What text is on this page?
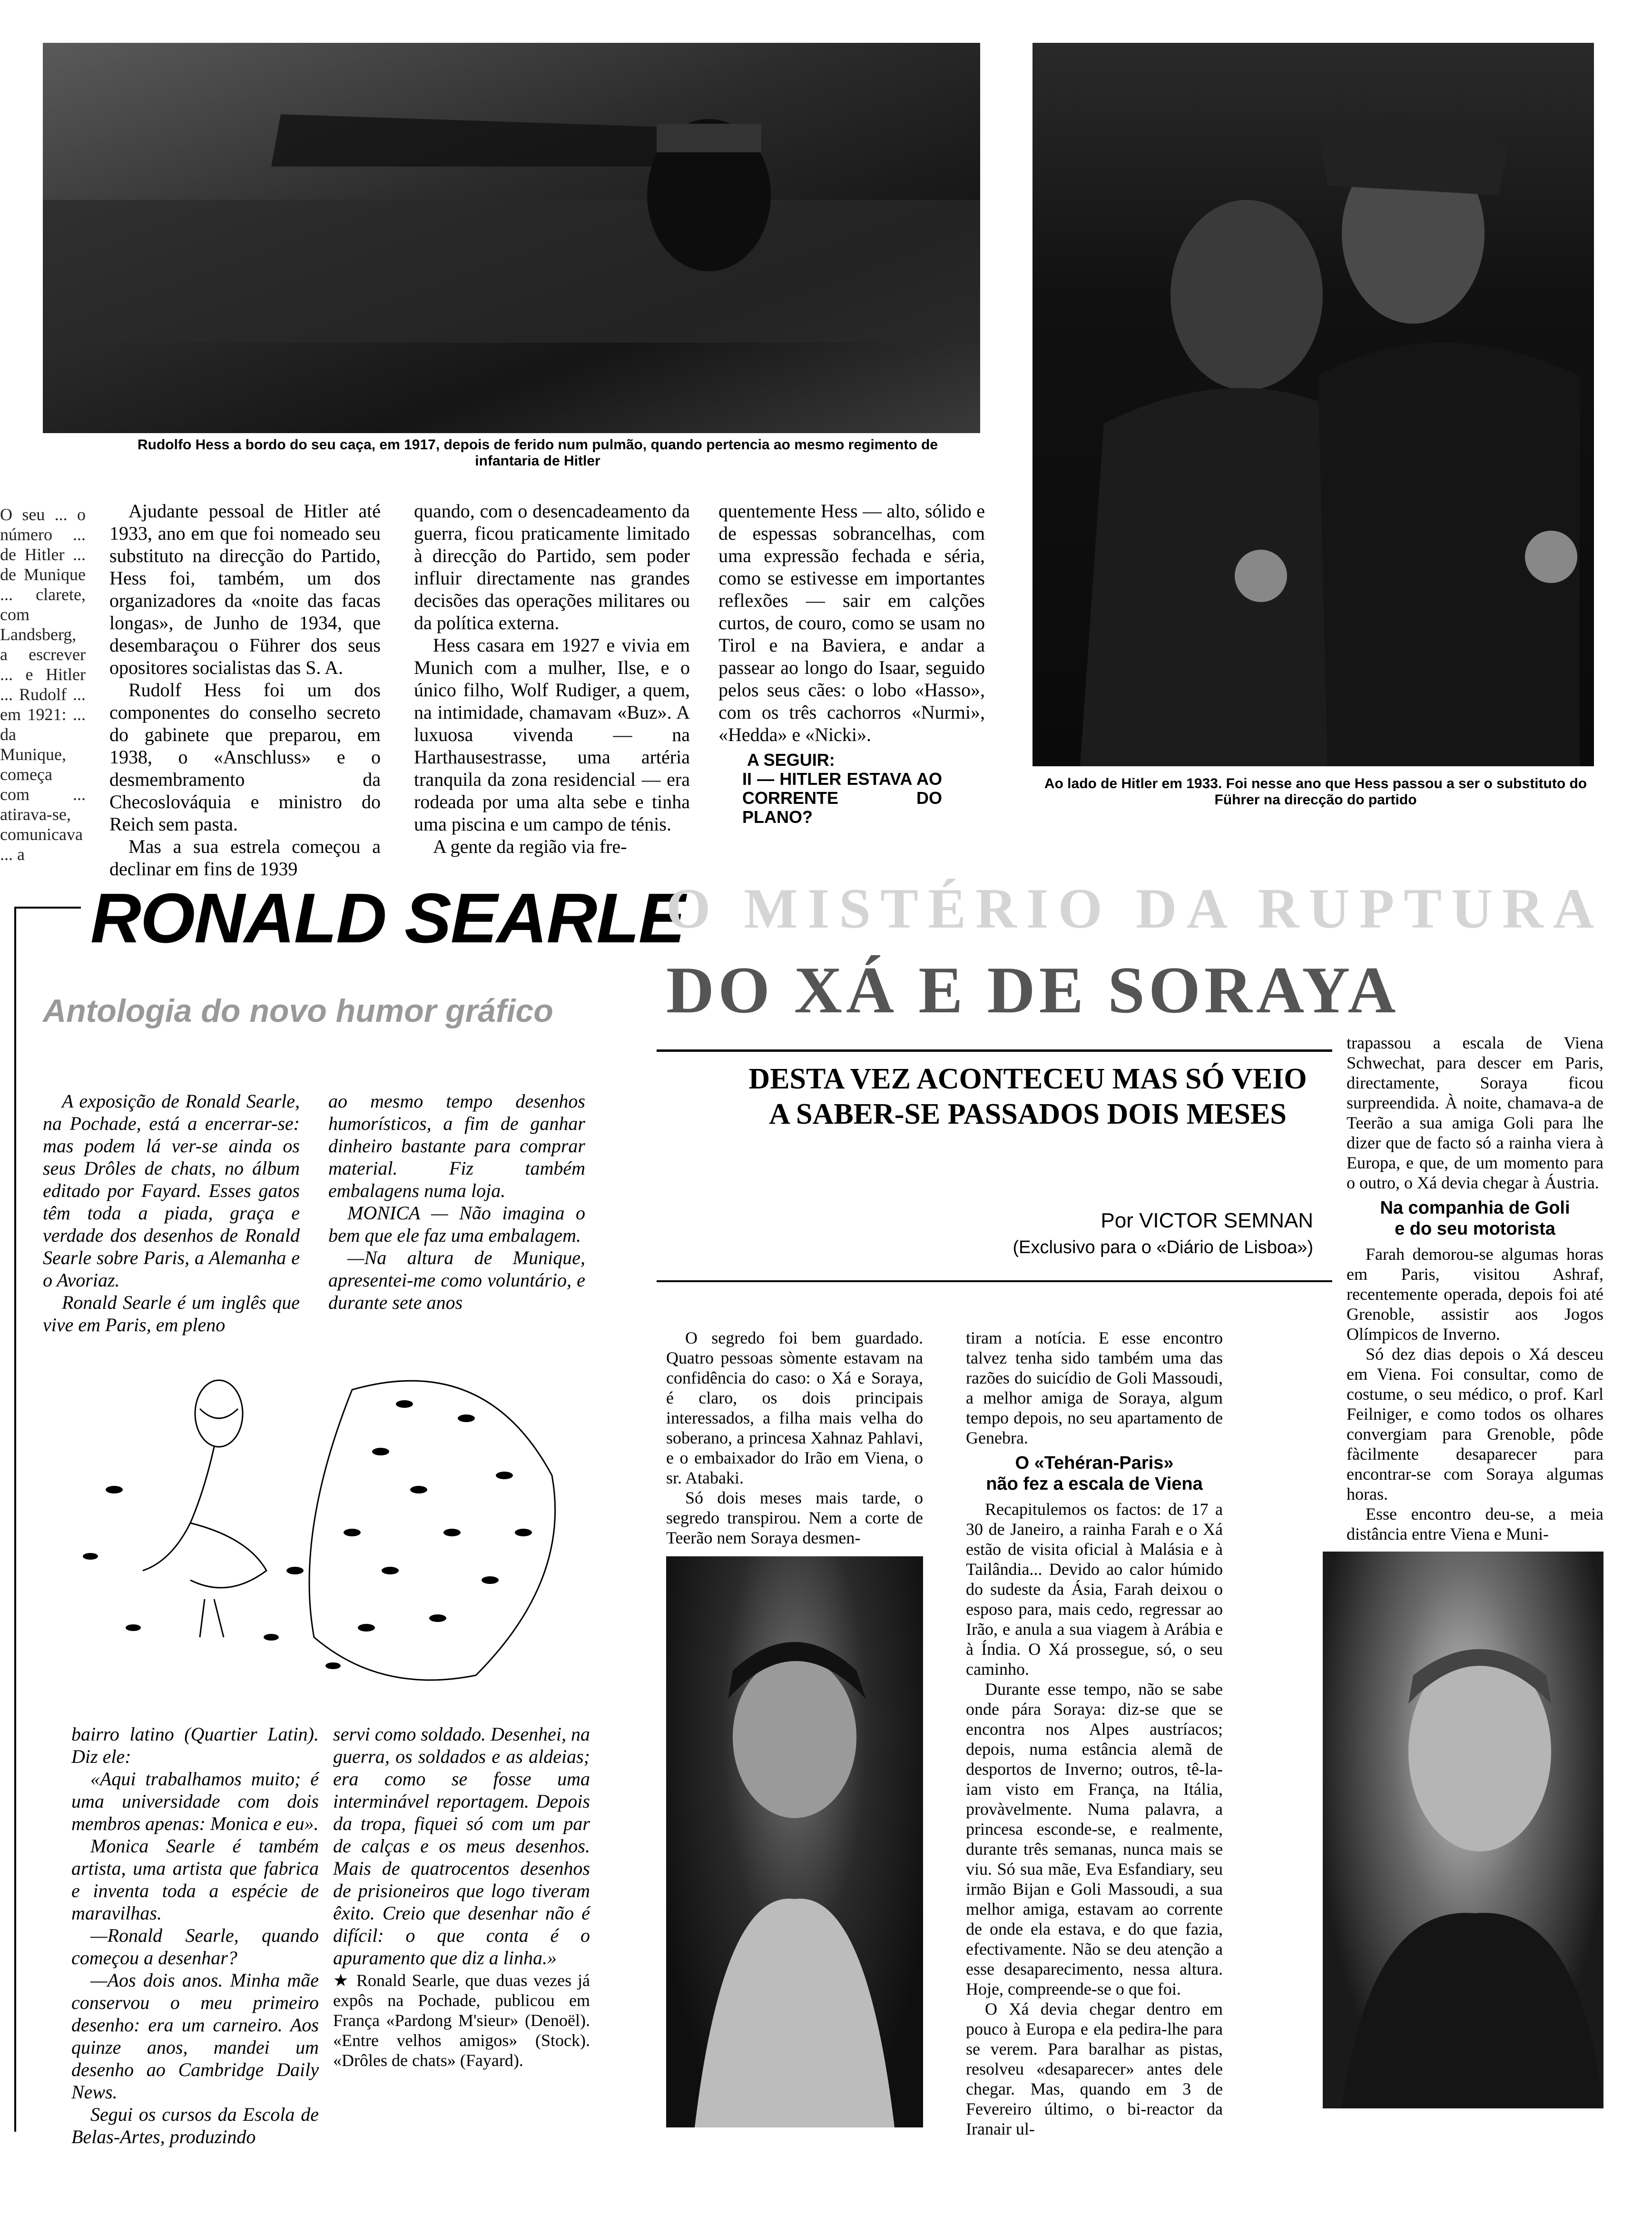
Rudolfo Hess a bordo do seu caça, em 1917, depois de ferido num pulmão, quando pertencia ao mesmo regimento de infantaria de Hitler
Ao lado de Hitler em 1933. Foi nesse ano que Hess passou a ser o substituto do Führer na direcção do partido
O seu ... o número ... de Hitler ... de Munique ... clarete, com Landsberg, a escrever ... e Hitler ... Rudolf ... em 1921: ... da Munique, começa com ... atirava-se, comunicava ... a

Ajudante pessoal de Hitler até 1933, ano em que foi nomeado seu substituto na direcção do Partido, Hess foi, também, um dos organizadores da «noite das facas longas», de Junho de 1934, que desembaraçou o Führer dos seus opositores socialistas das S. A.

Rudolf Hess foi um dos componentes do conselho secreto do gabinete que preparou, em 1938, o «Anschluss» e o desmembramento da Checoslováquia e ministro do Reich sem pasta.

Mas a sua estrela começou a declinar em fins de 1939

quando, com o desencadeamento da guerra, ficou praticamente limitado à direcção do Partido, sem poder influir directamente nas grandes decisões das operações militares ou da política externa.

Hess casara em 1927 e vivia em Munich com a mulher, Ilse, e o único filho, Wolf Rudiger, a quem, na intimidade, chamavam «Buz». A luxuosa vivenda — na Harthausestrasse, uma artéria tranquila da zona residencial — era rodeada por uma alta sebe e tinha uma piscina e um campo de ténis.

A gente da região via fre-

quentemente Hess — alto, sólido e de espessas sobrancelhas, com uma expressão fechada e séria, como se estivesse em importantes reflexões — sair em calções curtos, de couro, como se usam no Tirol e na Baviera, e andar a passear ao longo do Isaar, seguido pelos seus cães: o lobo «Hasso», com os três cachorros «Nurmi», «Hedda» e «Nicki».

A SEGUIR:
II — HITLER ESTAVA AO CORRENTE DO PLANO?
RONALD SEARLE
Antologia do novo humor gráfico

A exposição de Ronald Searle, na Pochade, está a encerrar-se: mas podem lá ver-se ainda os seus Drôles de chats, no álbum editado por Fayard. Esses gatos têm toda a piada, graça e verdade dos desenhos de Ronald Searle sobre Paris, a Alemanha e o Avoriaz.

Ronald Searle é um inglês que vive em Paris, em pleno

ao mesmo tempo desenhos humorísticos, a fim de ganhar dinheiro bastante para comprar material. Fiz também embalagens numa loja.

MONICA — Não imagina o bem que ele faz uma embalagem.

—Na altura de Munique, apresentei-me como voluntário, e durante sete anos

bairro latino (Quartier Latin). Diz ele:

«Aqui trabalhamos muito; é uma universidade com dois membros apenas: Monica e eu».

Monica Searle é também artista, uma artista que fabrica e inventa toda a espécie de maravilhas.

—Ronald Searle, quando começou a desenhar?

—Aos dois anos. Minha mãe conservou o meu primeiro desenho: era um carneiro. Aos quinze anos, mandei um desenho ao Cambridge Daily News.

Segui os cursos da Escola de Belas-Artes, produzindo

servi como soldado. Desenhei, na guerra, os soldados e as aldeias; era como se fosse uma interminável reportagem. Depois da tropa, fiquei só com um par de calças e os meus desenhos. Mais de quatrocentos desenhos de prisioneiros que logo tiveram êxito. Creio que desenhar não é difícil: o que conta é o apuramento que diz a linha.»

★ Ronald Searle, que duas vezes já expôs na Pochade, publicou em França «Pardong M'sieur» (Denoël). «Entre velhos amigos» (Stock). «Drôles de chats» (Fayard).
O MISTÉRIO DA RUPTURA
DO XÁ E DE SORAYA
DESTA VEZ ACONTECEU MAS SÓ VEIO A SABER-SE PASSADOS DOIS MESES
Por VICTOR SEMNAN
(Exclusivo para o «Diário de Lisboa»)

O segredo foi bem guardado. Quatro pessoas sòmente estavam na confidência do caso: o Xá e Soraya, é claro, os dois principais interessados, a filha mais velha do soberano, a princesa Xahnaz Pahlavi, e o embaixador do Irão em Viena, o sr. Atabaki.

Só dois meses mais tarde, o segredo transpirou. Nem a corte de Teerão nem Soraya desmen-

tiram a notícia. E esse encontro talvez tenha sido também uma das razões do suicídio de Goli Massoudi, a melhor amiga de Soraya, algum tempo depois, no seu apartamento de Genebra.

O «Tehéran-Paris»
não fez a escala de Viena

Recapitulemos os factos: de 17 a 30 de Janeiro, a rainha Farah e o Xá estão de visita oficial à Malásia e à Tailândia... Devido ao calor húmido do sudeste da Ásia, Farah deixou o esposo para, mais cedo, regressar ao Irão, e anula a sua viagem à Arábia e à Índia. O Xá prossegue, só, o seu caminho.

Durante esse tempo, não se sabe onde pára Soraya: diz-se que se encontra nos Alpes austríacos; depois, numa estância alemã de desportos de Inverno; outros, tê-la-iam visto em França, na Itália, provàvelmente. Numa palavra, a princesa esconde-se, e realmente, durante três semanas, nunca mais se viu. Só sua mãe, Eva Esfandiary, seu irmão Bijan e Goli Massoudi, a sua melhor amiga, estavam ao corrente de onde ela estava, e do que fazia, efectivamente. Não se deu atenção a esse desaparecimento, nessa altura. Hoje, compreende-se o que foi.

O Xá devia chegar dentro em pouco à Europa e ela pedira-lhe para se verem. Para baralhar as pistas, resolveu «desaparecer» antes dele chegar. Mas, quando em 3 de Fevereiro último, o bi-reactor da Iranair ul-

trapassou a escala de Viena Schwechat, para descer em Paris, directamente, Soraya ficou surpreendida. À noite, chamava-a de Teerão a sua amiga Goli para lhe dizer que de facto só a rainha viera à Europa, e que, de um momento para o outro, o Xá devia chegar à Áustria.

Na companhia de Goli
e do seu motorista

Farah demorou-se algumas horas em Paris, visitou Ashraf, recentemente operada, depois foi até Grenoble, assistir aos Jogos Olímpicos de Inverno.

Só dez dias depois o Xá desceu em Viena. Foi consultar, como de costume, o seu médico, o prof. Karl Feilniger, e como todos os olhares convergiam para Grenoble, pôde fàcilmente desaparecer para encontrar-se com Soraya algumas horas.

Esse encontro deu-se, a meia distância entre Viena e Muni-
